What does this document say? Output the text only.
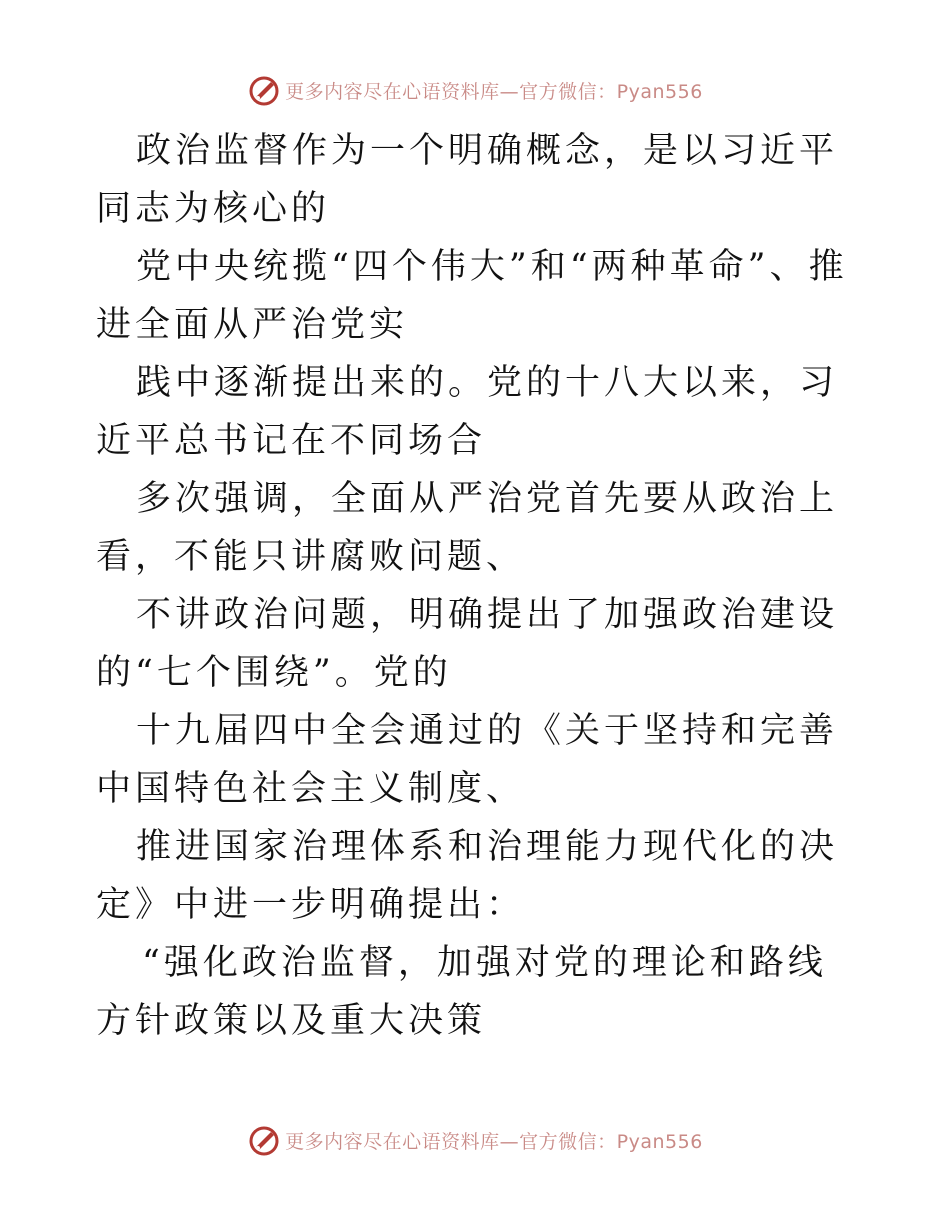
更多内容尽在心语资料库—官方微信：Pyan556

政治监督作为一个明确概念，是以习近平同志为核心的

党中央统揽“四个伟大”和“两种革命”、推进全面从严治党实

践中逐渐提出来的。党的十八大以来，习近平总书记在不同场合

多次强调，全面从严治党首先要从政治上看，不能只讲腐败问题、

不讲政治问题，明确提出了加强政治建设的“七个围绕”。党的

十九届四中全会通过的《关于坚持和完善中国特色社会主义制度、

推进国家治理体系和治理能力现代化的决定》中进一步明确提出：

“强化政治监督，加强对党的理论和路线方针政策以及重大决策

更多内容尽在心语资料库—官方微信：Pyan556
